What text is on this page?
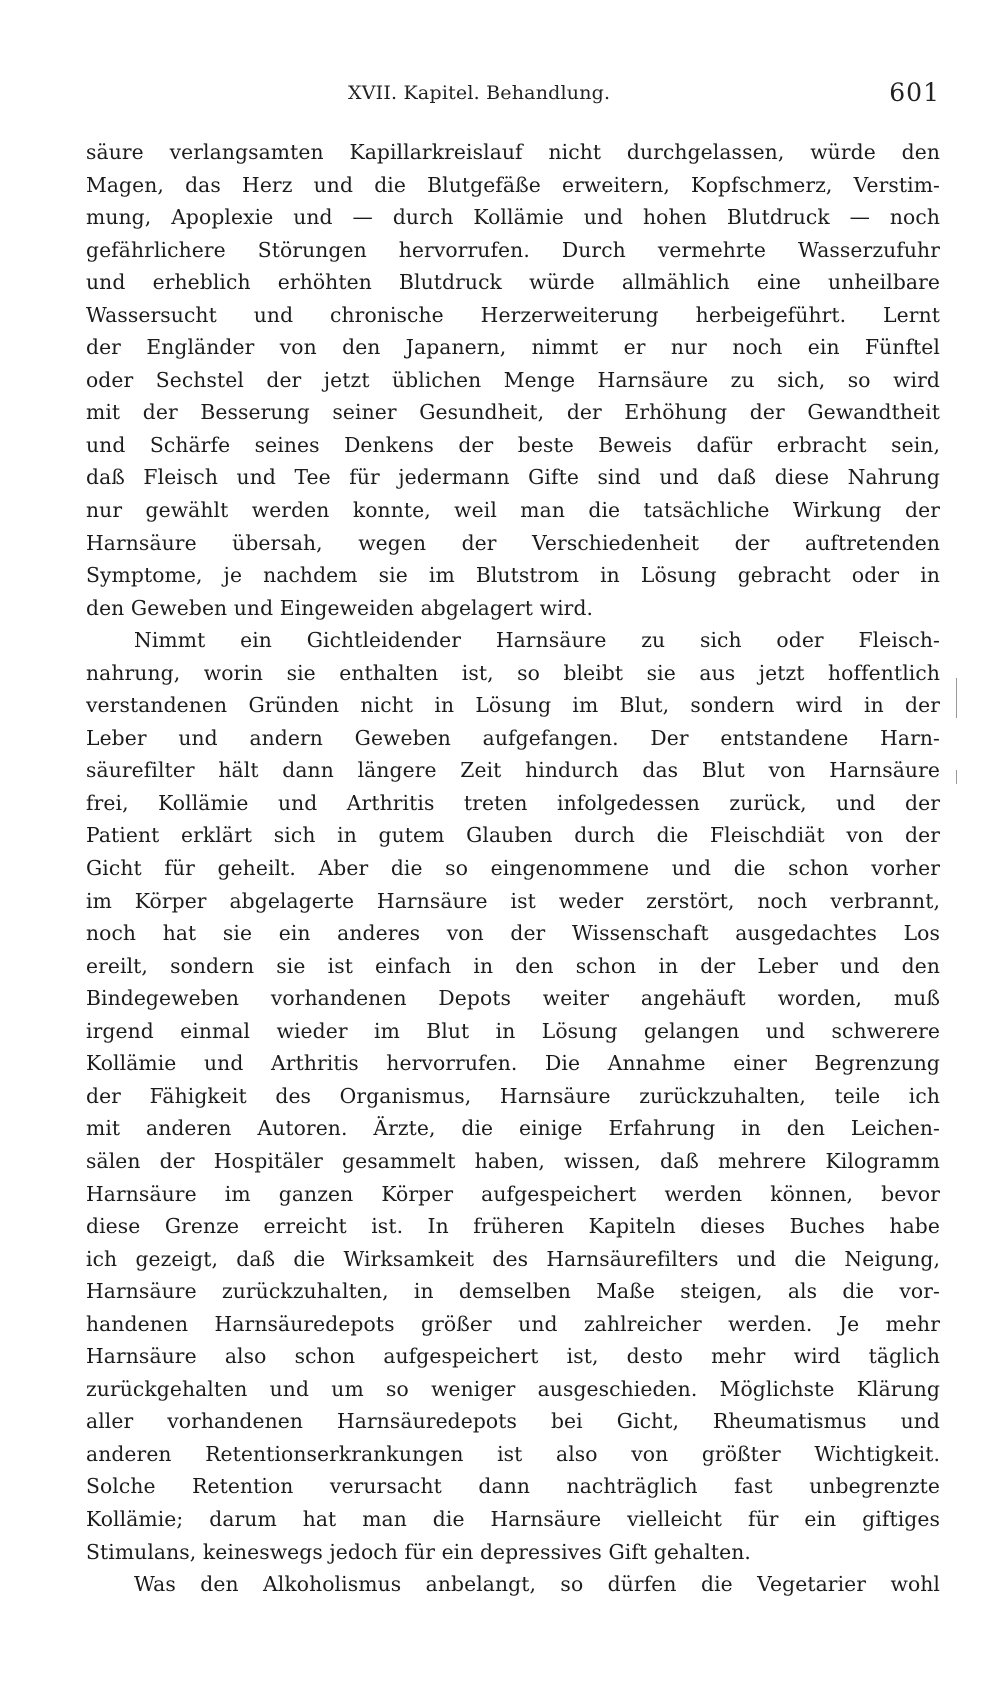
XVII. Kapitel. Behandlung.	601
säure verlangsamten Kapillarkreislauf nicht durchgelassen, würde den
Magen, das Herz und die Blutgefäße erweitern, Kopfschmerz, Verstim-
mung, Apoplexie und — durch Kollämie und hohen Blutdruck — noch
gefährlichere Störungen hervorrufen. Durch vermehrte Wasserzufuhr
und erheblich erhöhten Blutdruck würde allmählich eine unheilbare
Wassersucht und chronische Herzerweiterung herbeigeführt. Lernt
der Engländer von den Japanern, nimmt er nur noch ein Fünftel
oder Sechstel der jetzt üblichen Menge Harnsäure zu sich, so wird
mit der Besserung seiner Gesundheit, der Erhöhung der Gewandtheit
und Schärfe seines Denkens der beste Beweis dafür erbracht sein,
daß Fleisch und Tee für jedermann Gifte sind und daß diese Nahrung
nur gewählt werden konnte, weil man die tatsächliche Wirkung der
Harnsäure übersah, wegen der Verschiedenheit der auftretenden
Symptome, je nachdem sie im Blutstrom in Lösung gebracht oder in
den Geweben und Eingeweiden abgelagert wird.
Nimmt ein Gichtleidender Harnsäure zu sich oder Fleisch-
nahrung, worin sie enthalten ist, so bleibt sie aus jetzt hoffentlich
verstandenen Gründen nicht in Lösung im Blut, sondern wird in der
Leber und andern Geweben aufgefangen. Der entstandene Harn-
säurefilter hält dann längere Zeit hindurch das Blut von Harnsäure
frei, Kollämie und Arthritis treten infolgedessen zurück, und der
Patient erklärt sich in gutem Glauben durch die Fleischdiät von der
Gicht für geheilt. Aber die so eingenommene und die schon vorher
im Körper abgelagerte Harnsäure ist weder zerstört, noch verbrannt,
noch hat sie ein anderes von der Wissenschaft ausgedachtes Los
ereilt, sondern sie ist einfach in den schon in der Leber und den
Bindegeweben vorhandenen Depots weiter angehäuft worden, muß
irgend einmal wieder im Blut in Lösung gelangen und schwerere
Kollämie und Arthritis hervorrufen. Die Annahme einer Begrenzung
der Fähigkeit des Organismus, Harnsäure zurückzuhalten, teile ich
mit anderen Autoren. Ärzte, die einige Erfahrung in den Leichen-
sälen der Hospitäler gesammelt haben, wissen, daß mehrere Kilogramm
Harnsäure im ganzen Körper aufgespeichert werden können, bevor
diese Grenze erreicht ist. In früheren Kapiteln dieses Buches habe
ich gezeigt, daß die Wirksamkeit des Harnsäurefilters und die Neigung,
Harnsäure zurückzuhalten, in demselben Maße steigen, als die vor-
handenen Harnsäuredepots größer und zahlreicher werden. Je mehr
Harnsäure also schon aufgespeichert ist, desto mehr wird täglich
zurückgehalten und um so weniger ausgeschieden. Möglichste Klärung
aller vorhandenen Harnsäuredepots bei Gicht, Rheumatismus und
anderen Retentionserkrankungen ist also von größter Wichtigkeit.
Solche Retention verursacht dann nachträglich fast unbegrenzte
Kollämie; darum hat man die Harnsäure vielleicht für ein giftiges
Stimulans, keineswegs jedoch für ein depressives Gift gehalten.
Was den Alkoholismus anbelangt, so dürfen die Vegetarier wohl
